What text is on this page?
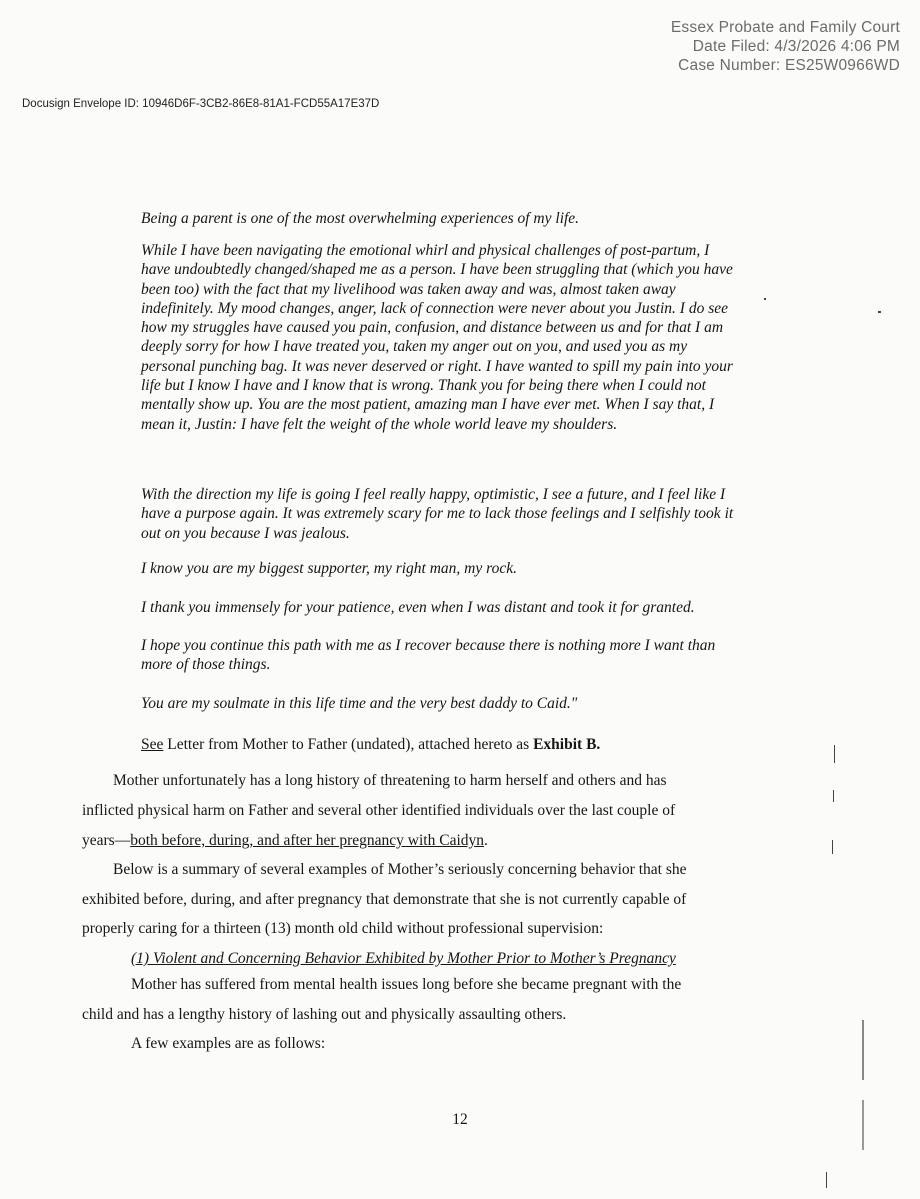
Essex Probate and Family Court
Date Filed: 4/3/2026 4:06 PM
Case Number: ES25W0966WD
Docusign Envelope ID: 10946D6F-3CB2-86E8-81A1-FCD55A17E37D

Being a parent is one of the most overwhelming experiences of my life.

While I have been navigating the emotional whirl and physical challenges of post-partum, I have undoubtedly changed/shaped me as a person. I have been struggling that (which you have been too) with the fact that my livelihood was taken away and was, almost taken away indefinitely. My mood changes, anger, lack of connection were never about you Justin. I do see how my struggles have caused you pain, confusion, and distance between us and for that I am deeply sorry for how I have treated you, taken my anger out on you, and used you as my personal punching bag. It was never deserved or right. I have wanted to spill my pain into your life but I know I have and I know that is wrong. Thank you for being there when I could not mentally show up. You are the most patient, amazing man I have ever met. When I say that, I mean it, Justin: I have felt the weight of the whole world leave my shoulders.

With the direction my life is going I feel really happy, optimistic, I see a future, and I feel like I have a purpose again. It was extremely scary for me to lack those feelings and I selfishly took it out on you because I was jealous.

I know you are my biggest supporter, my right man, my rock.

I thank you immensely for your patience, even when I was distant and took it for granted.

I hope you continue this path with me as I recover because there is nothing more I want than more of those things.

You are my soulmate in this life time and the very best daddy to Caid."

See Letter from Mother to Father (undated), attached hereto as Exhibit B.

Mother unfortunately has a long history of threatening to harm herself and others and has

inflicted physical harm on Father and several other identified individuals over the last couple of

years—both before, during, and after her pregnancy with Caidyn.

Below is a summary of several examples of Mother’s seriously concerning behavior that she

exhibited before, during, and after pregnancy that demonstrate that she is not currently capable of

properly caring for a thirteen (13) month old child without professional supervision:

(1) Violent and Concerning Behavior Exhibited by Mother Prior to Mother’s Pregnancy

Mother has suffered from mental health issues long before she became pregnant with the

child and has a lengthy history of lashing out and physically assaulting others.

A few examples are as follows:

12
